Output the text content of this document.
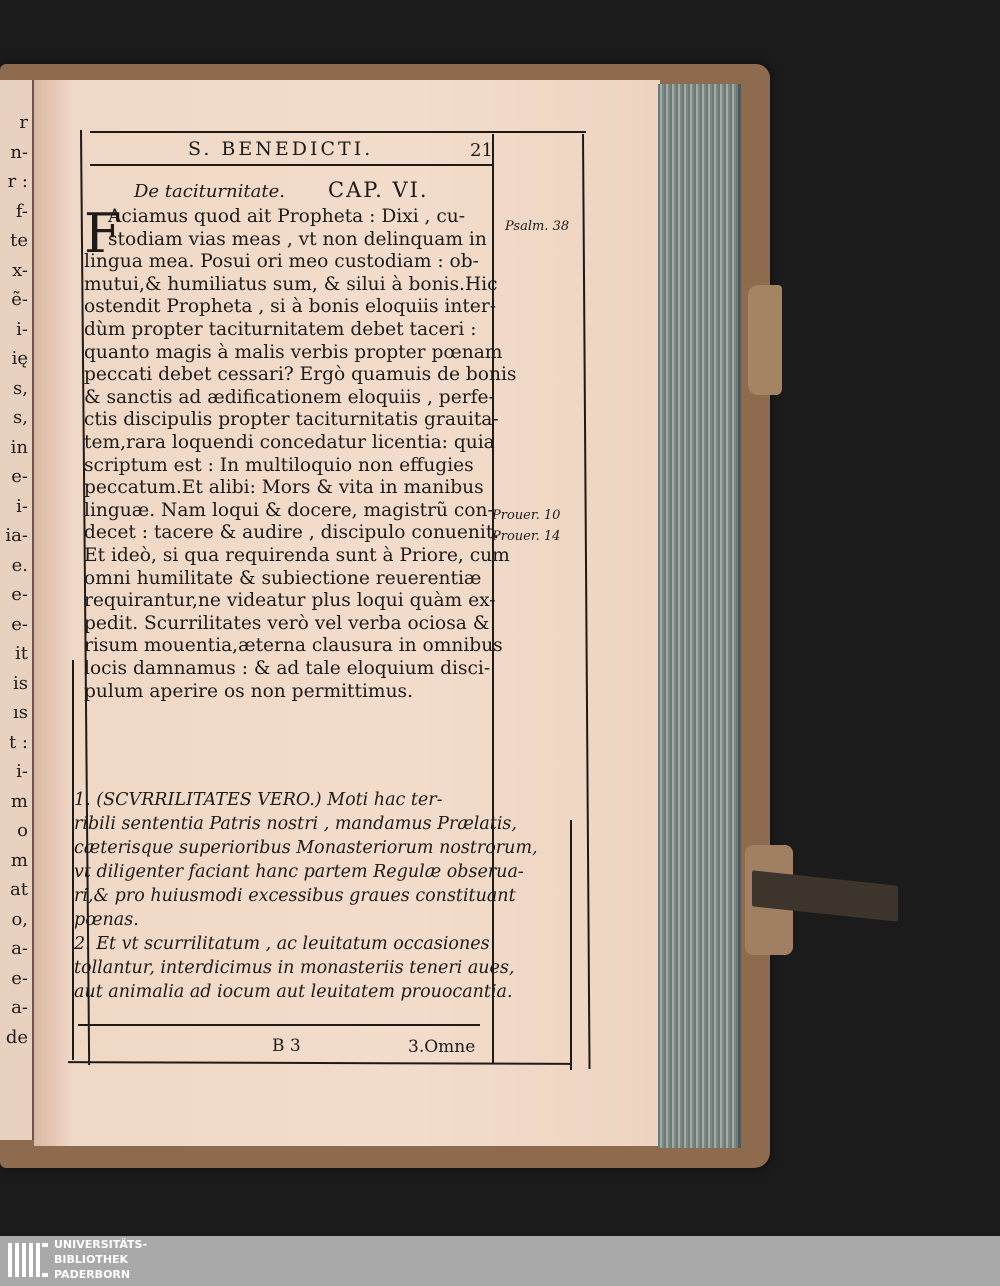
r
n-
r :
f-
te
x-
ẽ-
i-
ię
s,
s,
in
e-
i-
ia-
e.
e-
e-
it
is
ıs
t :
i-
m
o
m
at
o,
a-
e-
a-
de
S. BENEDICTI.	21
De taciturnitate. CAP. VI.
F
Aciamus quod ait Propheta : Dixi , cu-
stodiam vias meas , vt non delinquam in
lingua mea. Posui ori meo custodiam : ob-
mutui,& humiliatus sum, & silui à bonis.Hic
ostendit Propheta , si à bonis eloquiis inter-
dùm propter taciturnitatem debet taceri :
quanto magis à malis verbis propter pœnam
peccati debet cessari? Ergò quamuis de bonis
& sanctis ad ædificationem eloquiis , perfe-
ctis discipulis propter taciturnitatis grauita-
tem,rara loquendi concedatur licentia: quia
scriptum est : In multiloquio non effugies
peccatum.Et alibi: Mors & vita in manibus
linguæ. Nam loqui & docere, magistrũ con-
decet : tacere & audire , discipulo conuenit.
Et ideò, si qua requirenda sunt à Priore, cum
omni humilitate & subiectione reuerentiæ
requirantur,ne videatur plus loqui quàm ex-
pedit. Scurrilitates verò vel verba ociosa &
risum mouentia,æterna clausura in omnibus
locis damnamus : & ad tale eloquium disci-
pulum aperire os non permittimus.
1. (SCVRRILITATES VERO.) Moti hac ter-
ribili sententia Patris nostri , mandamus Prælatis,
cæterisque superioribus Monasteriorum nostrorum,
vt diligenter faciant hanc partem Regulæ obseruа-
ri,& pro huiusmodi excessibus graues constituant
pœnas.
2. Et vt scurrilitatum , ac leuitatum occasiones
tollantur, interdicimus in monasteriis teneri aues,
aut animalia ad iocum aut leuitatem prouocantia.
Psalm. 38
Prouer. 10
Prouer. 14
B 3	3.Omne
UNIVERSITÄTS-
BIBLIOTHEK
PADERBORN
